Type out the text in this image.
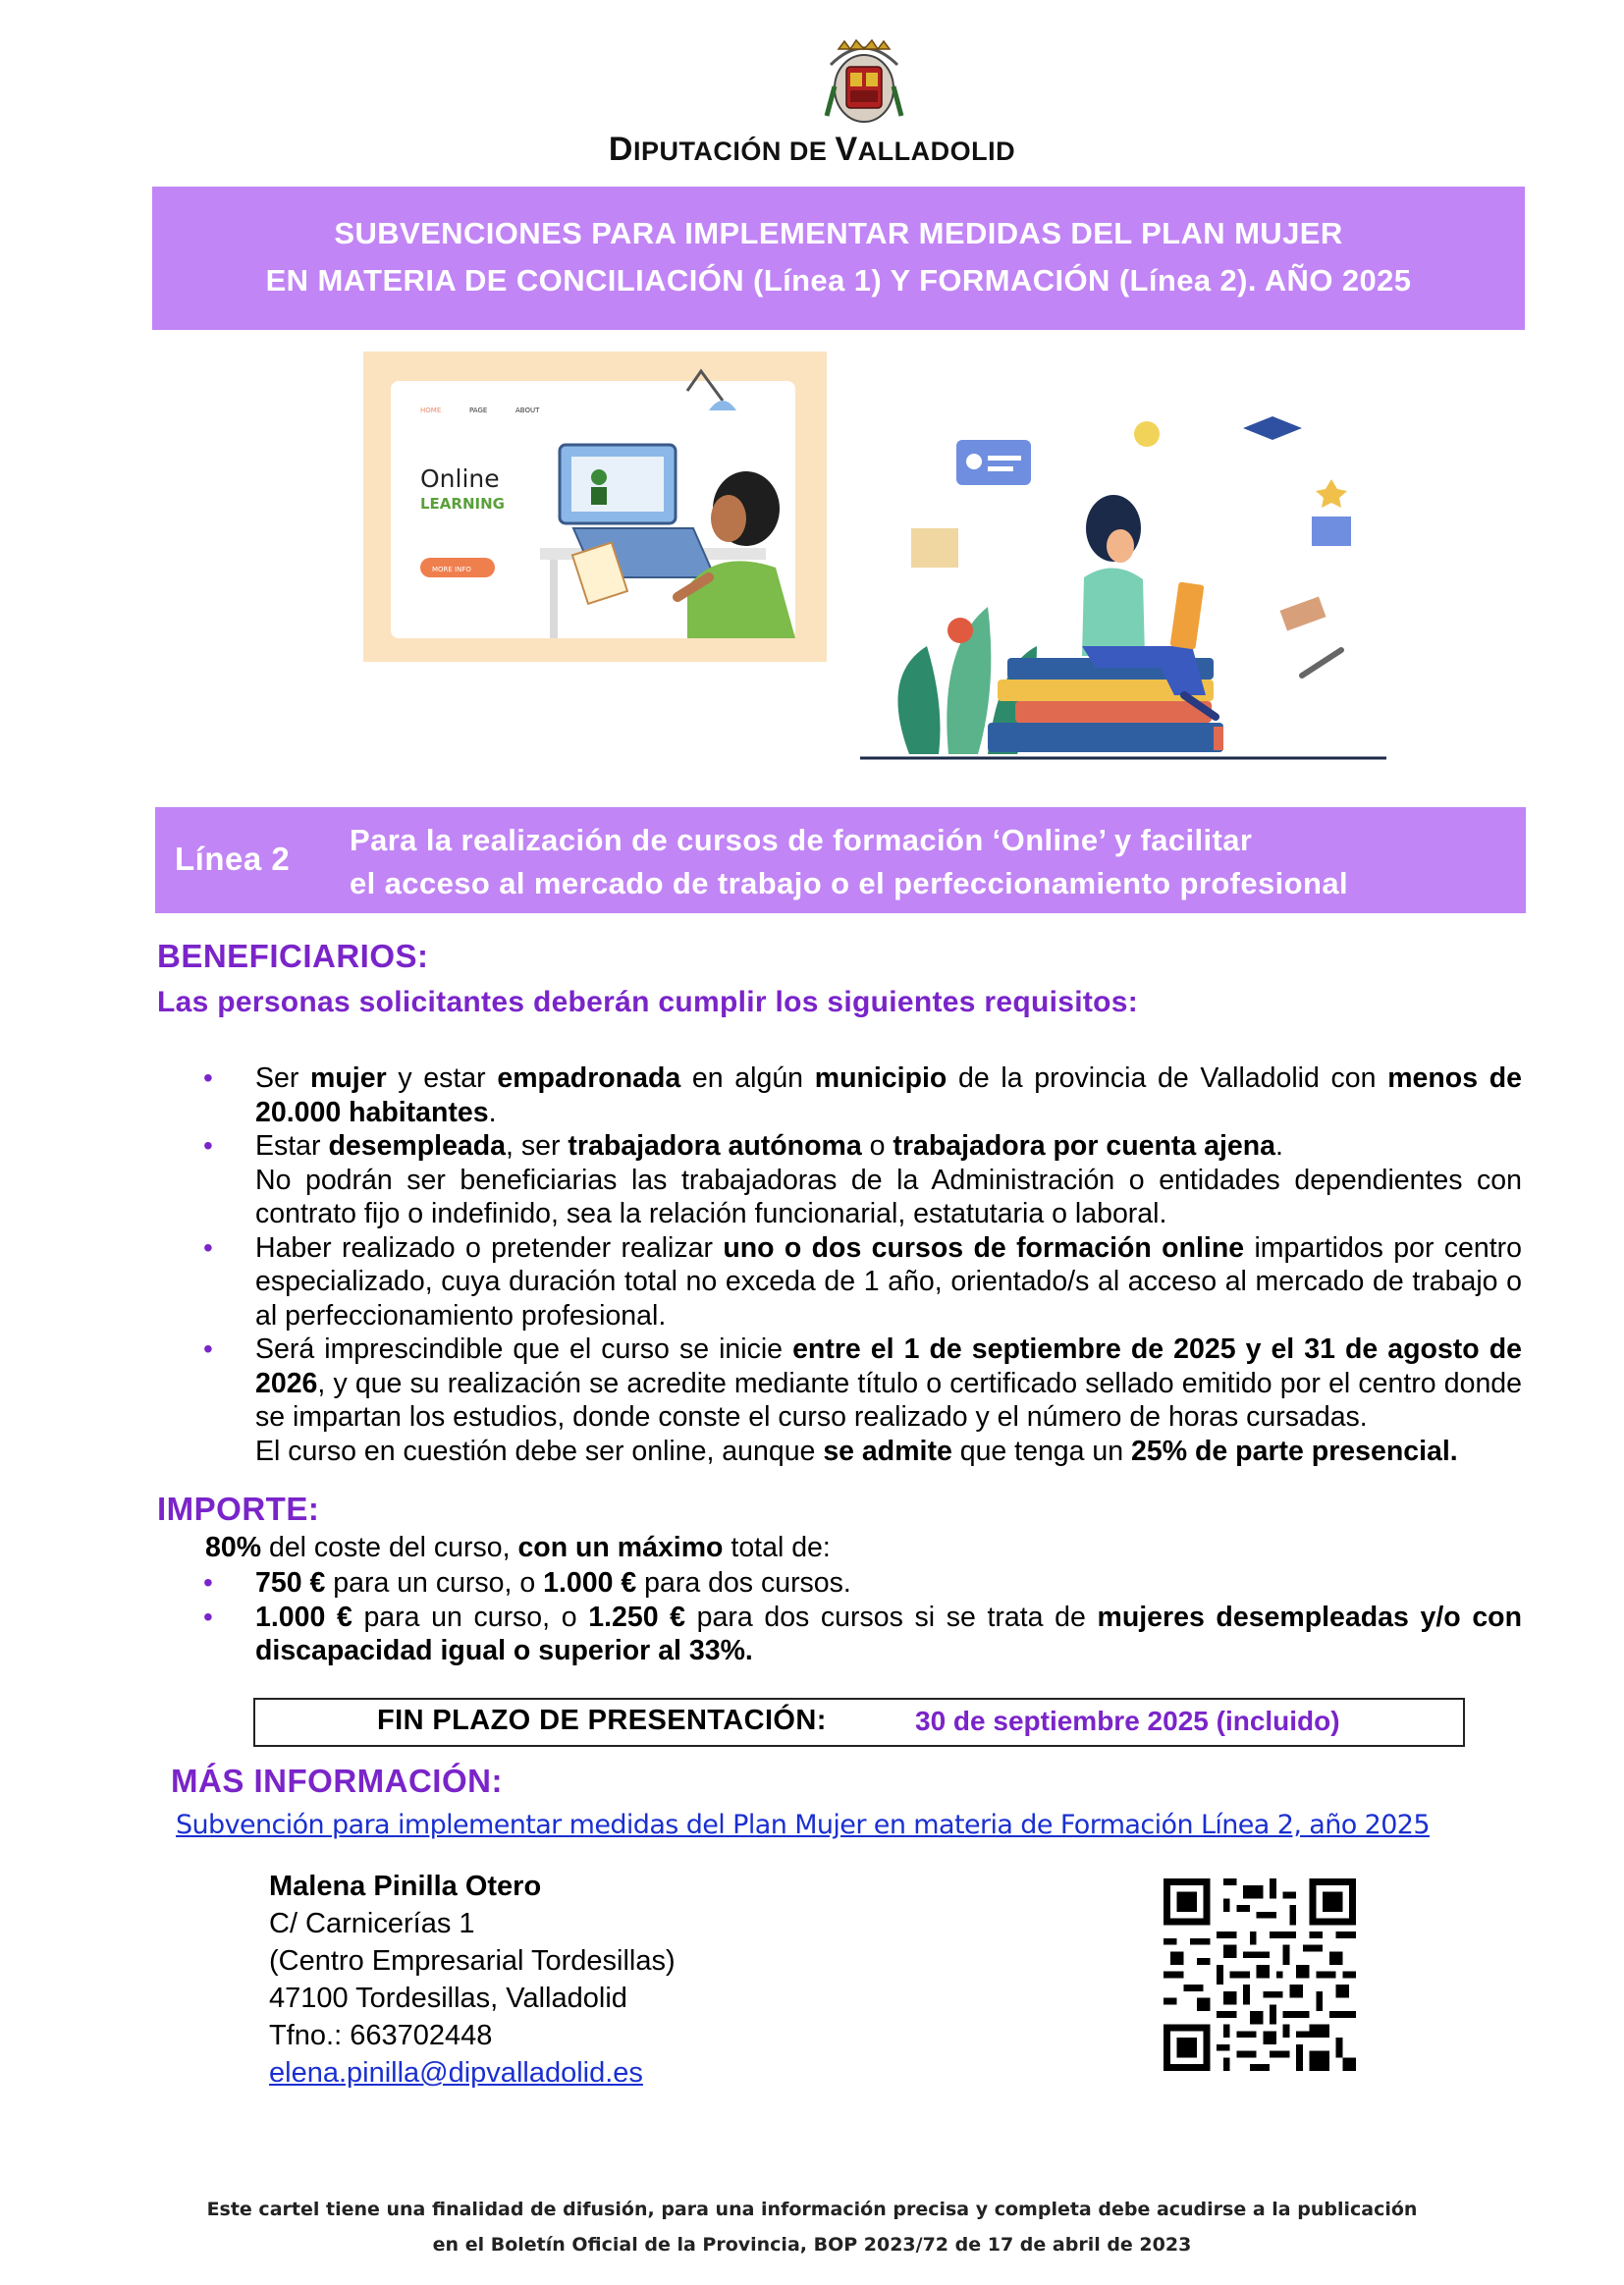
DIPUTACIÓN DE VALLADOLID
SUBVENCIONES PARA IMPLEMENTAR MEDIDAS DEL PLAN MUJER
EN MATERIA DE CONCILIACIÓN (Línea 1) Y FORMACIÓN (Línea 2). AÑO 2025
HOME	PAGE	ABOUT
Online
LEARNING
MORE INFO
Línea 2
Para la realización de cursos de formación ‘Online’ y facilitar
el acceso al mercado de trabajo o el perfeccionamiento profesional
BENEFICIARIOS:
Las personas solicitantes deberán cumplir los siguientes requisitos:
• Ser mujer y estar empadronada en algún municipio de la provincia de Valladolid con menos de 20.000 habitantes.
• Estar desempleada, ser trabajadora autónoma o trabajadora por cuenta ajena.
No podrán ser beneficiarias las trabajadoras de la Administración o entidades dependientes con contrato fijo o indefinido, sea la relación funcionarial, estatutaria o laboral.
• Haber realizado o pretender realizar uno o dos cursos de formación online impartidos por centro especializado, cuya duración total no exceda de 1 año, orientado/s al acceso al mercado de trabajo o al perfeccionamiento profesional.
• Será imprescindible que el curso se inicie entre el 1 de septiembre de 2025 y el 31 de agosto de 2026, y que su realización se acredite mediante título o certificado sellado emitido por el centro donde se impartan los estudios, donde conste el curso realizado y el número de horas cursadas.
El curso en cuestión debe ser online, aunque se admite que tenga un 25% de parte presencial.
IMPORTE:
80% del coste del curso, con un máximo total de:
• 750 € para un curso, o 1.000 € para dos cursos.
• 1.000 € para un curso, o 1.250 € para dos cursos si se trata de mujeres desempleadas y/o con discapacidad igual o superior al 33%.
FIN PLAZO DE PRESENTACIÓN:	30 de septiembre 2025 (incluido)
MÁS INFORMACIÓN:
Subvención para implementar medidas del Plan Mujer en materia de Formación Línea 2, año 2025
Malena Pinilla Otero
C/ Carnicerías 1
(Centro Empresarial Tordesillas)
47100 Tordesillas, Valladolid
Tfno.: 663702448
elena.pinilla@dipvalladolid.es
Este cartel tiene una finalidad de difusión, para una información precisa y completa debe acudirse a la publicación
en el Boletín Oficial de la Provincia, BOP 2023/72 de 17 de abril de 2023
